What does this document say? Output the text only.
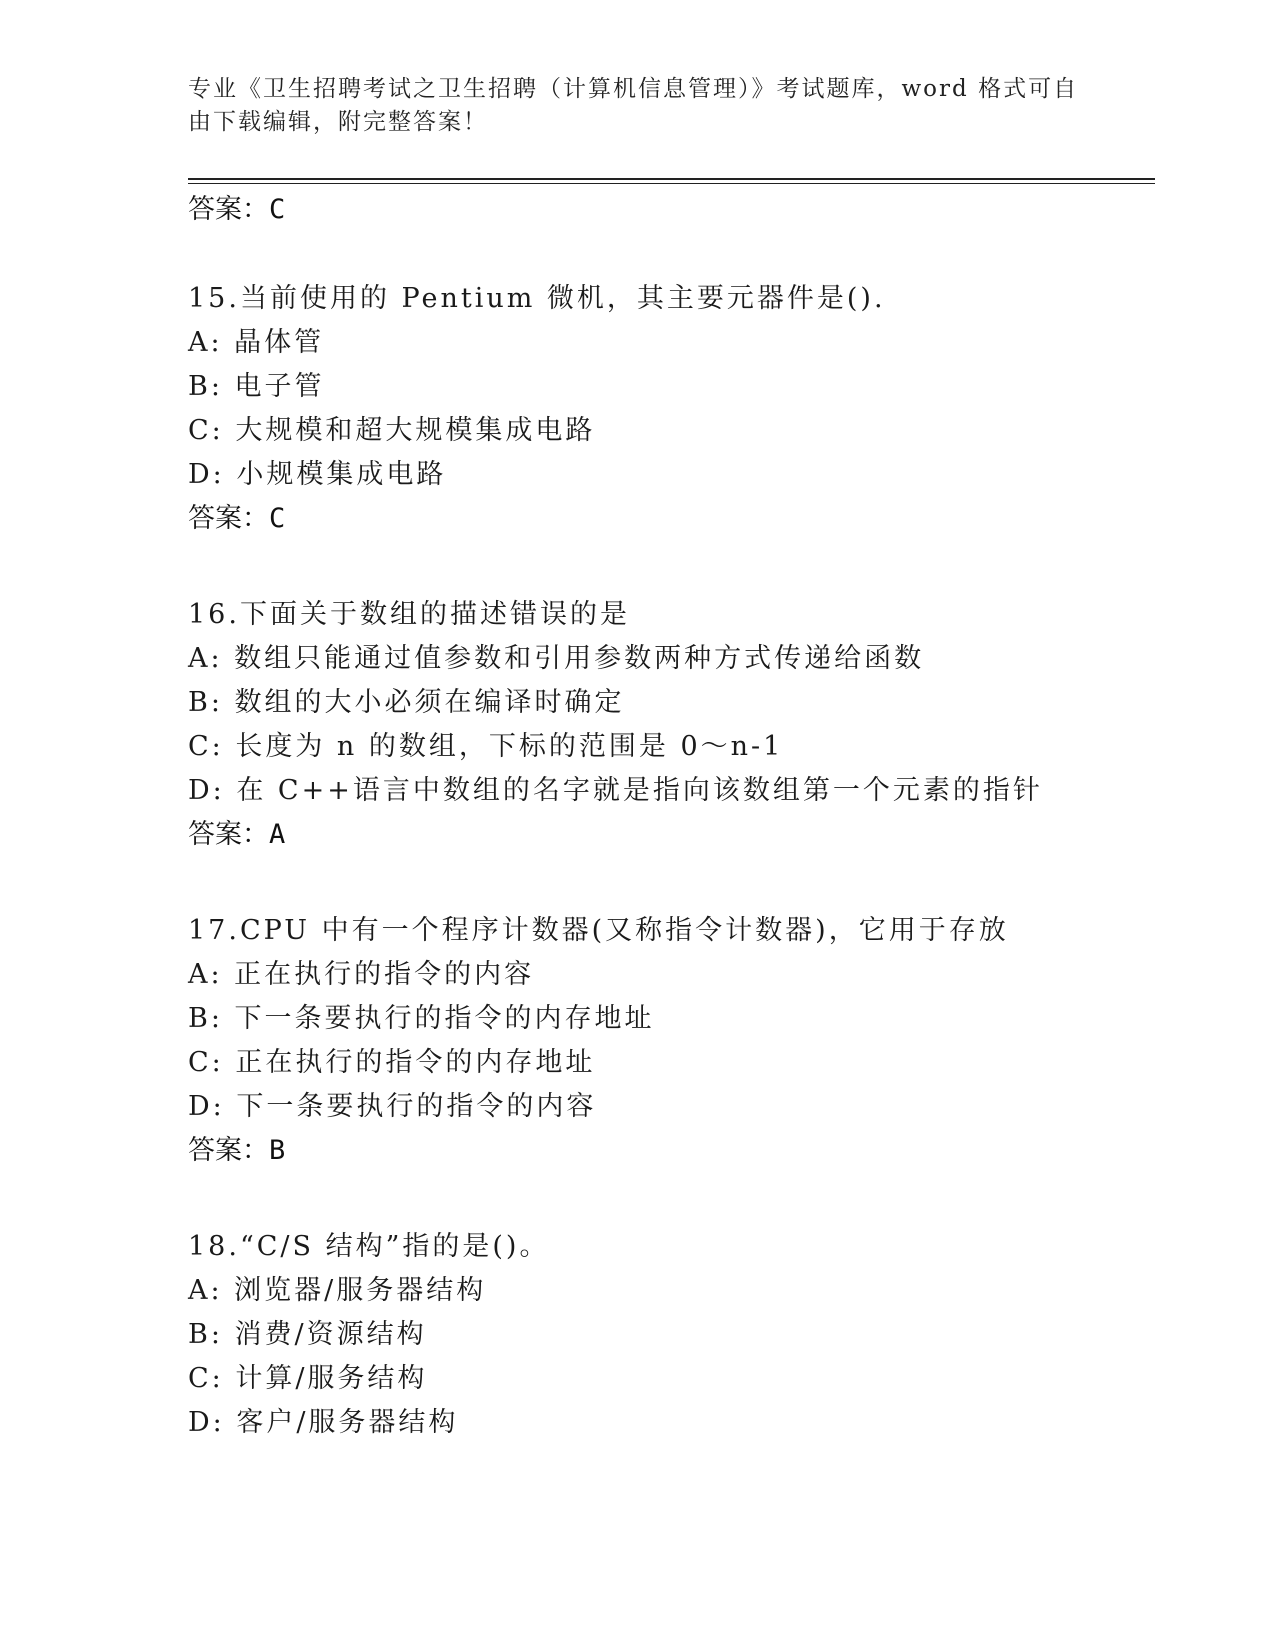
专业《卫生招聘考试之卫生招聘（计算机信息管理）》考试题库，word 格式可自
由下载编辑，附完整答案！
答案：C
15.当前使用的 Pentium 微机，其主要元器件是().
A: 晶体管
B: 电子管
C: 大规模和超大规模集成电路
D: 小规模集成电路
答案：C
16.下面关于数组的描述错误的是
A: 数组只能通过值参数和引用参数两种方式传递给函数
B: 数组的大小必须在编译时确定
C: 长度为 n 的数组，下标的范围是 0～n-1
D: 在 C++语言中数组的名字就是指向该数组第一个元素的指针
答案：A
17.CPU 中有一个程序计数器(又称指令计数器)，它用于存放
A: 正在执行的指令的内容
B: 下一条要执行的指令的内存地址
C: 正在执行的指令的内存地址
D: 下一条要执行的指令的内容
答案：B
18.“C/S 结构”指的是()。
A: 浏览器/服务器结构
B: 消费/资源结构
C: 计算/服务结构
D: 客户/服务器结构
